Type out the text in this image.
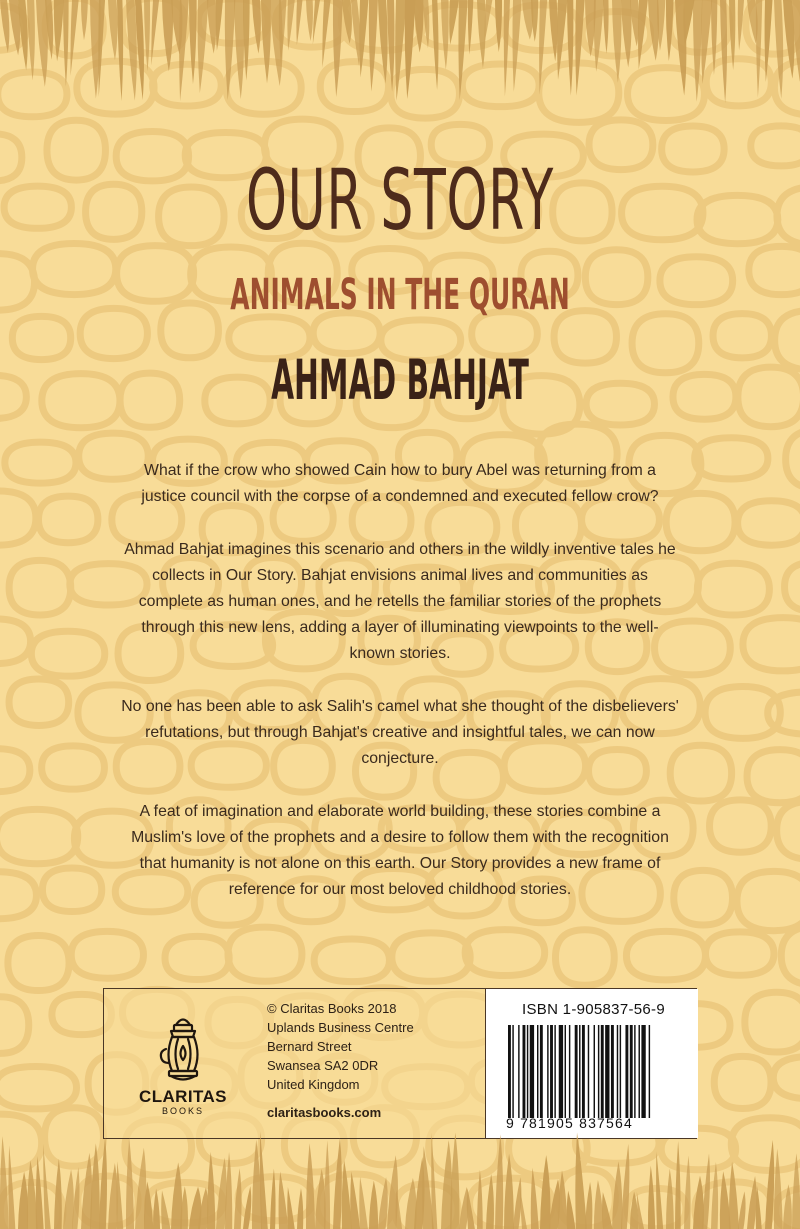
OUR STORY
ANIMALS IN THE QURAN
AHMAD BAHJAT

What if the crow who showed Cain how to bury Abel was returning from a justice council with the corpse of a condemned and executed fellow crow?

Ahmad Bahjat imagines this scenario and others in the wildly inventive tales he collects in Our Story. Bahjat envisions animal lives and communities as complete as human ones, and he retells the familiar stories of the prophets through this new lens, adding a layer of illuminating viewpoints to the well-known stories.

No one has been able to ask Salih's camel what she thought of the disbelievers' refutations, but through Bahjat's creative and insightful tales, we can now conjecture.

A feat of imagination and elaborate world building, these stories combine a Muslim's love of the prophets and a desire to follow them with the recognition that humanity is not alone on this earth. Our Story provides a new frame of reference for our most beloved childhood stories.

CLARITAS
BOOKS
© Claritas Books 2018
Uplands Business Centre
Bernard Street
Swansea SA2 0DR
United Kingdom
claritasbooks.com
ISBN 1-905837-56-9
9 781905 837564
